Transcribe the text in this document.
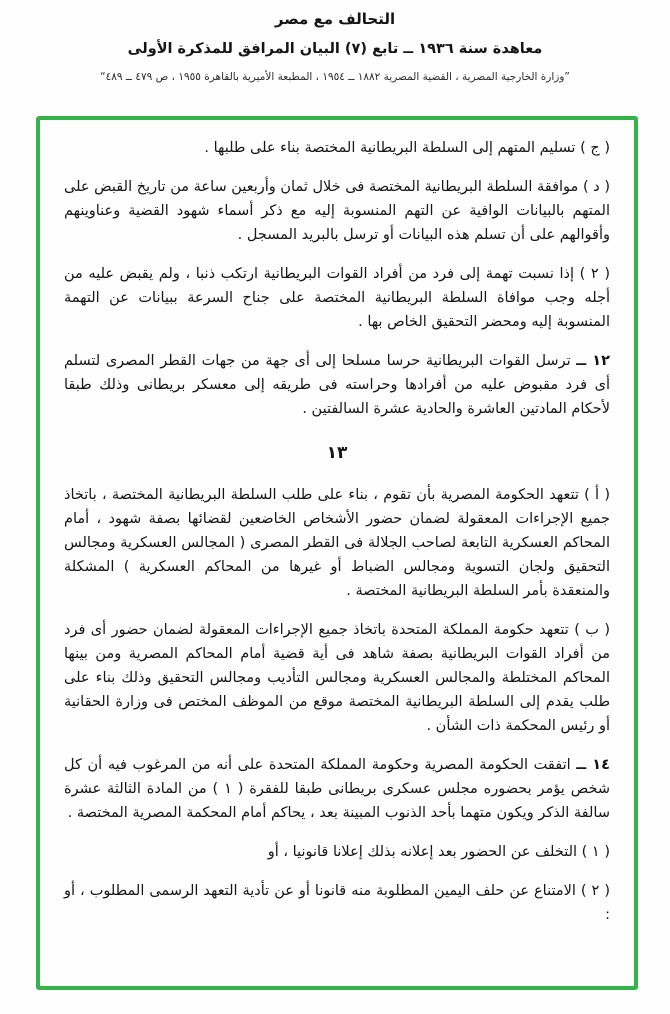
التحالف مع مصر
معاهدة سنة ١٩٣٦ ــ تابع (٧) البيان المرافق للمذكرة الأولى
”وزارة الخارجية المصرية ، القضية المصرية ١٨٨٢ ــ ١٩٥٤ ، المطبعة الأميرية بالقاهرة ١٩٥٥ ، ص ٤٧٩ ــ ٤٨٩“

( ج ) تسليم المتهم إلى السلطة البريطانية المختصة بناء على طلبها .

( د ) موافقة السلطة البريطانية المختصة فى خلال ثمان وأربعين ساعة من تاريخ القبض على المتهم بالبيانات الوافية عن التهم المنسوبة إليه مع ذكر أسماء شهود القضية وعناوينهم وأقوالهم على أن تسلم هذه البيانات أو ترسل بالبريد المسجل .

( ٢ ) إذا نسبت تهمة إلى فرد من أفراد القوات البريطانية ارتكب ذنبا ، ولم يقبض عليه من أجله وجب موافاة السلطة البريطانية المختصة على جناح السرعة ببيانات عن التهمة المنسوبة إليه ومحضر التحقيق الخاص بها .

١٢ ــ ترسل القوات البريطانية حرسا مسلحا إلى أى جهة من جهات القطر المصرى لتسلم أى فرد مقبوض عليه من أفرادها وحراسته فى طريقه إلى معسكر بريطانى وذلك طبقا لأحكام المادتين العاشرة والحادية عشرة السالفتين .

١٣

( أ ) تتعهد الحكومة المصرية بأن تقوم ، بناء على طلب السلطة البريطانية المختصة ، باتخاذ جميع الإجراءات المعقولة لضمان حضور الأشخاص الخاضعين لقضائها بصفة شهود ، أمام المحاكم العسكرية التابعة لصاحب الجلالة فى القطر المصرى ( المجالس العسكرية ومجالس التحقيق ولجان التسوية ومجالس الضباط أو غيرها من المحاكم العسكرية ) المشكلة والمنعقدة بأمر السلطة البريطانية المختصة .

( ب ) تتعهد حكومة المملكة المتحدة باتخاذ جميع الإجراءات المعقولة لضمان حضور أى فرد من أفراد القوات البريطانية بصفة شاهد فى أية قضية أمام المحاكم المصرية ومن بينها المحاكم المختلطة والمجالس العسكرية ومجالس التأديب ومجالس التحقيق وذلك بناء على طلب يقدم إلى السلطة البريطانية المختصة موقع من الموظف المختص فى وزارة الحقانية أو رئيس المحكمة ذات الشأن .

١٤ ــ اتفقت الحكومة المصرية وحكومة المملكة المتحدة على أنه من المرغوب فيه أن كل شخص يؤمر بحضوره مجلس عسكرى بريطانى طبقا للفقرة ( ١ ) من المادة الثالثة عشرة سالفة الذكر ويكون متهما بأحد الذنوب المبينة بعد ، يحاكم أمام المحكمة المصرية المختصة .

( ١ ) التخلف عن الحضور بعد إعلانه بذلك إعلانا قانونيا ، أو

( ٢ ) الامتناع عن حلف اليمين المطلوبة منه قانونا أو عن تأدية التعهد الرسمى المطلوب ، أو :
